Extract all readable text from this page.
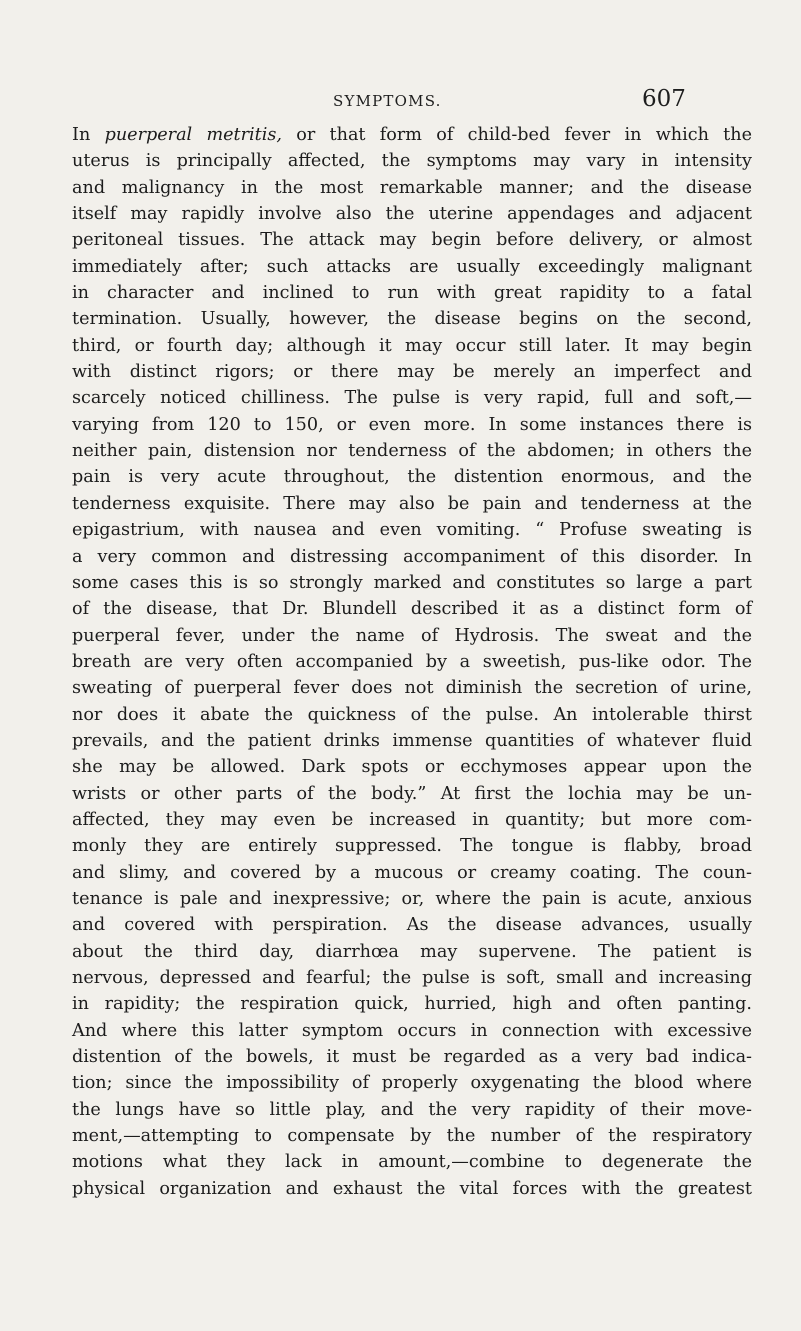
SYMPTOMS.	607
In puerperal metritis, or that form of child-bed fever in which the
uterus is principally affected, the symptoms may vary in intensity
and malignancy in the most remarkable manner; and the disease
itself may rapidly involve also the uterine appendages and adjacent
peritoneal tissues. The attack may begin before delivery, or almost
immediately after; such attacks are usually exceedingly malignant
in character and inclined to run with great rapidity to a fatal
termination. Usually, however, the disease begins on the second,
third, or fourth day; although it may occur still later. It may begin
with distinct rigors; or there may be merely an imperfect and
scarcely noticed chilliness. The pulse is very rapid, full and soft,—
varying from 120 to 150, or even more. In some instances there is
neither pain, distension nor tenderness of the abdomen; in others the
pain is very acute throughout, the distention enormous, and the
tenderness exquisite. There may also be pain and tenderness at the
epigastrium, with nausea and even vomiting. “ Profuse sweating is
a very common and distressing accompaniment of this disorder. In
some cases this is so strongly marked and constitutes so large a part
of the disease, that Dr. Blundell described it as a distinct form of
puerperal fever, under the name of Hydrosis. The sweat and the
breath are very often accompanied by a sweetish, pus-like odor. The
sweating of puerperal fever does not diminish the secretion of urine,
nor does it abate the quickness of the pulse. An intolerable thirst
prevails, and the patient drinks immense quantities of whatever fluid
she may be allowed. Dark spots or ecchymoses appear upon the
wrists or other parts of the body.” At first the lochia may be un-
affected, they may even be increased in quantity; but more com-
monly they are entirely suppressed. The tongue is flabby, broad
and slimy, and covered by a mucous or creamy coating. The coun-
tenance is pale and inexpressive; or, where the pain is acute, anxious
and covered with perspiration. As the disease advances, usually
about the third day, diarrhœa may supervene. The patient is
nervous, depressed and fearful; the pulse is soft, small and increasing
in rapidity; the respiration quick, hurried, high and often panting.
And where this latter symptom occurs in connection with excessive
distention of the bowels, it must be regarded as a very bad indica-
tion; since the impossibility of properly oxygenating the blood where
the lungs have so little play, and the very rapidity of their move-
ment,—attempting to compensate by the number of the respiratory
motions what they lack in amount,—combine to degenerate the
physical organization and exhaust the vital forces with the greatest
